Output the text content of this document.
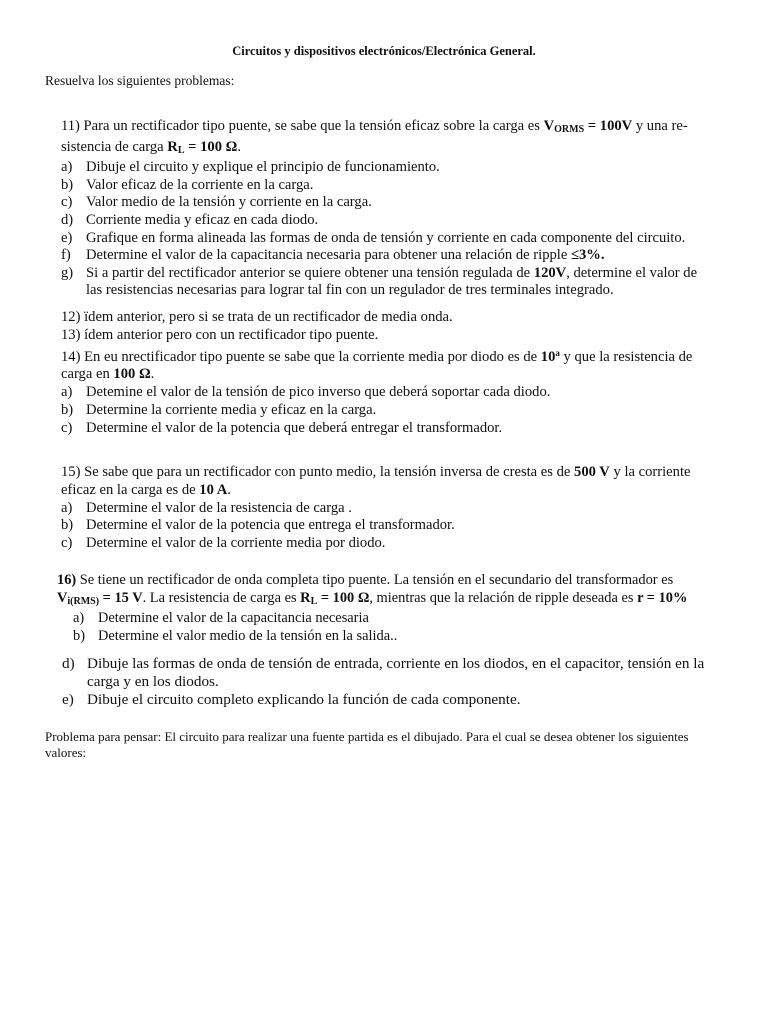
Circuitos y dispositivos electrónicos/Electrónica General.
Resuelva los siguientes problemas:
11) Para un rectificador tipo puente, se sabe que la tensión eficaz sobre la carga es $V_{ORMS} = 100V$ y una re-
sistencia de carga $R_L = 100$ Ω.
a) Dibuje el circuito y explique el principio de funcionamiento.
b) Valor eficaz de la corriente en la carga.
c) Valor medio de la tensión y corriente en la carga.
d) Corriente media y eficaz en cada diodo.
e) Grafique en forma alineada las formas de onda de tensión y corriente en cada componente del circuito.
f) Determine el valor de la capacitancia necesaria para obtener una relación de ripple ≤3%.
g) Si a partir del rectificador anterior se quiere obtener una tensión regulada de 120V, determine el valor de
las resistencias necesarias para lograr tal fin con un regulador de tres terminales integrado.
12) ïdem anterior, pero si se trata de un rectificador de media onda.
13) ídem anterior pero con un rectificador tipo puente.
14) En eu nrectificador tipo puente se sabe que la corriente media por diodo es de 10$^a$ y que la resistencia de
carga en 100 Ω.
a) Detemine el valor de la tensión de pico inverso que deberá soportar cada diodo.
b) Determine la corriente media y eficaz en la carga.
c) Determine el valor de la potencia que deberá entregar el transformador.
15) Se sabe que para un rectificador con punto medio, la tensión inversa de cresta es de 500 V y la corriente
eficaz en la carga es de 10 A.
a) Determine el valor de la resistencia de carga .
b) Determine el valor de la potencia que entrega el transformador.
c) Determine el valor de la corriente media por diodo.
16) Se tiene un rectificador de onda completa tipo puente. La tensión en el secundario del transformador es
$V_{i(RMS)} = 15$ V. La resistencia de carga es $R_L = 100$ Ω, mientras que la relación de ripple deseada es r = 10%
a) Determine el valor de la capacitancia necesaria
b) Determine el valor medio de la tensión en la salida..
d) Dibuje las formas de onda de tensión de entrada, corriente en los diodos, en el capacitor, tensión en la
carga y en los diodos.
e) Dibuje el circuito completo explicando la función de cada componente.
Problema para pensar: El circuito para realizar una fuente partida es el dibujado. Para el cual se desea obtener los siguientes valores:
